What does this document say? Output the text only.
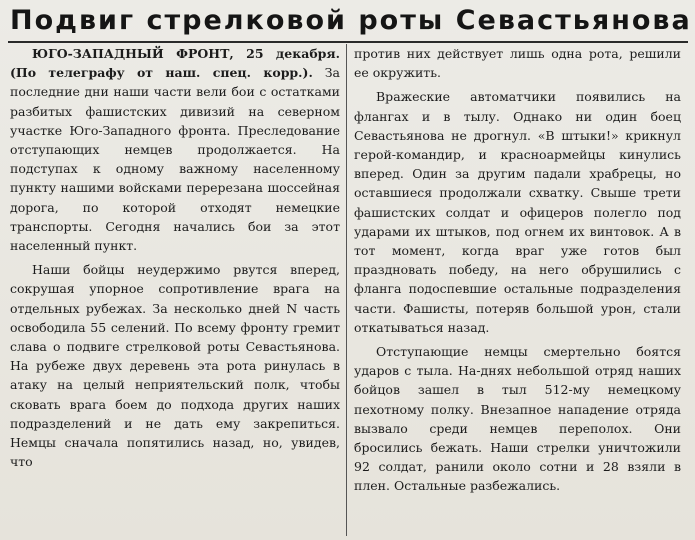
Подвиг стрелковой роты Севастьянова

ЮГО-ЗАПАДНЫЙ ФРОНТ, 25 декабря. (По телеграфу от наш. спец. корр.). За последние дни наши части вели бои с остатками разбитых фашистских дивизий на северном участке Юго-Западного фронта. Преследование отступающих немцев продолжается. На подступах к одному важному населенному пункту нашими войсками перерезана шоссейная дорога, по которой отходят немецкие транспорты. Сегодня начались бои за этот населенный пункт.

Наши бойцы неудержимо рвутся вперед, сокрушая упорное сопротивление врага на отдельных рубежах. За несколько дней N часть освободила 55 селений. По всему фронту гремит слава о подвиге стрелковой роты Севастьянова. На рубеже двух деревень эта рота ринулась в атаку на целый неприятельский полк, чтобы сковать врага боем до подхода других наших подразделений и не дать ему закрепиться. Немцы сначала попятились назад, но, увидев, что

против них действует лишь одна рота, решили ее окружить.

Вражеские автоматчики появились на флангах и в тылу. Однако ни один боец Севастьянова не дрогнул. «В штыки!» крикнул герой-командир, и красноармейцы кинулись вперед. Один за другим падали храбрецы, но оставшиеся продолжали схватку. Свыше трети фашистских солдат и офицеров полегло под ударами их штыков, под огнем их винтовок. А в тот момент, когда враг уже готов был праздновать победу, на него обрушились с фланга подоспевшие остальные подразделения части. Фашисты, потеряв большой урон, стали откатываться назад.

Отступающие немцы смертельно боятся ударов с тыла. На-днях небольшой отряд наших бойцов зашел в тыл 512-му немецкому пехотному полку. Внезапное нападение отряда вызвало среди немцев переполох. Они бросились бежать. Наши стрелки уничтожили 92 солдат, ранили около сотни и 28 взяли в плен. Остальные разбежались.
